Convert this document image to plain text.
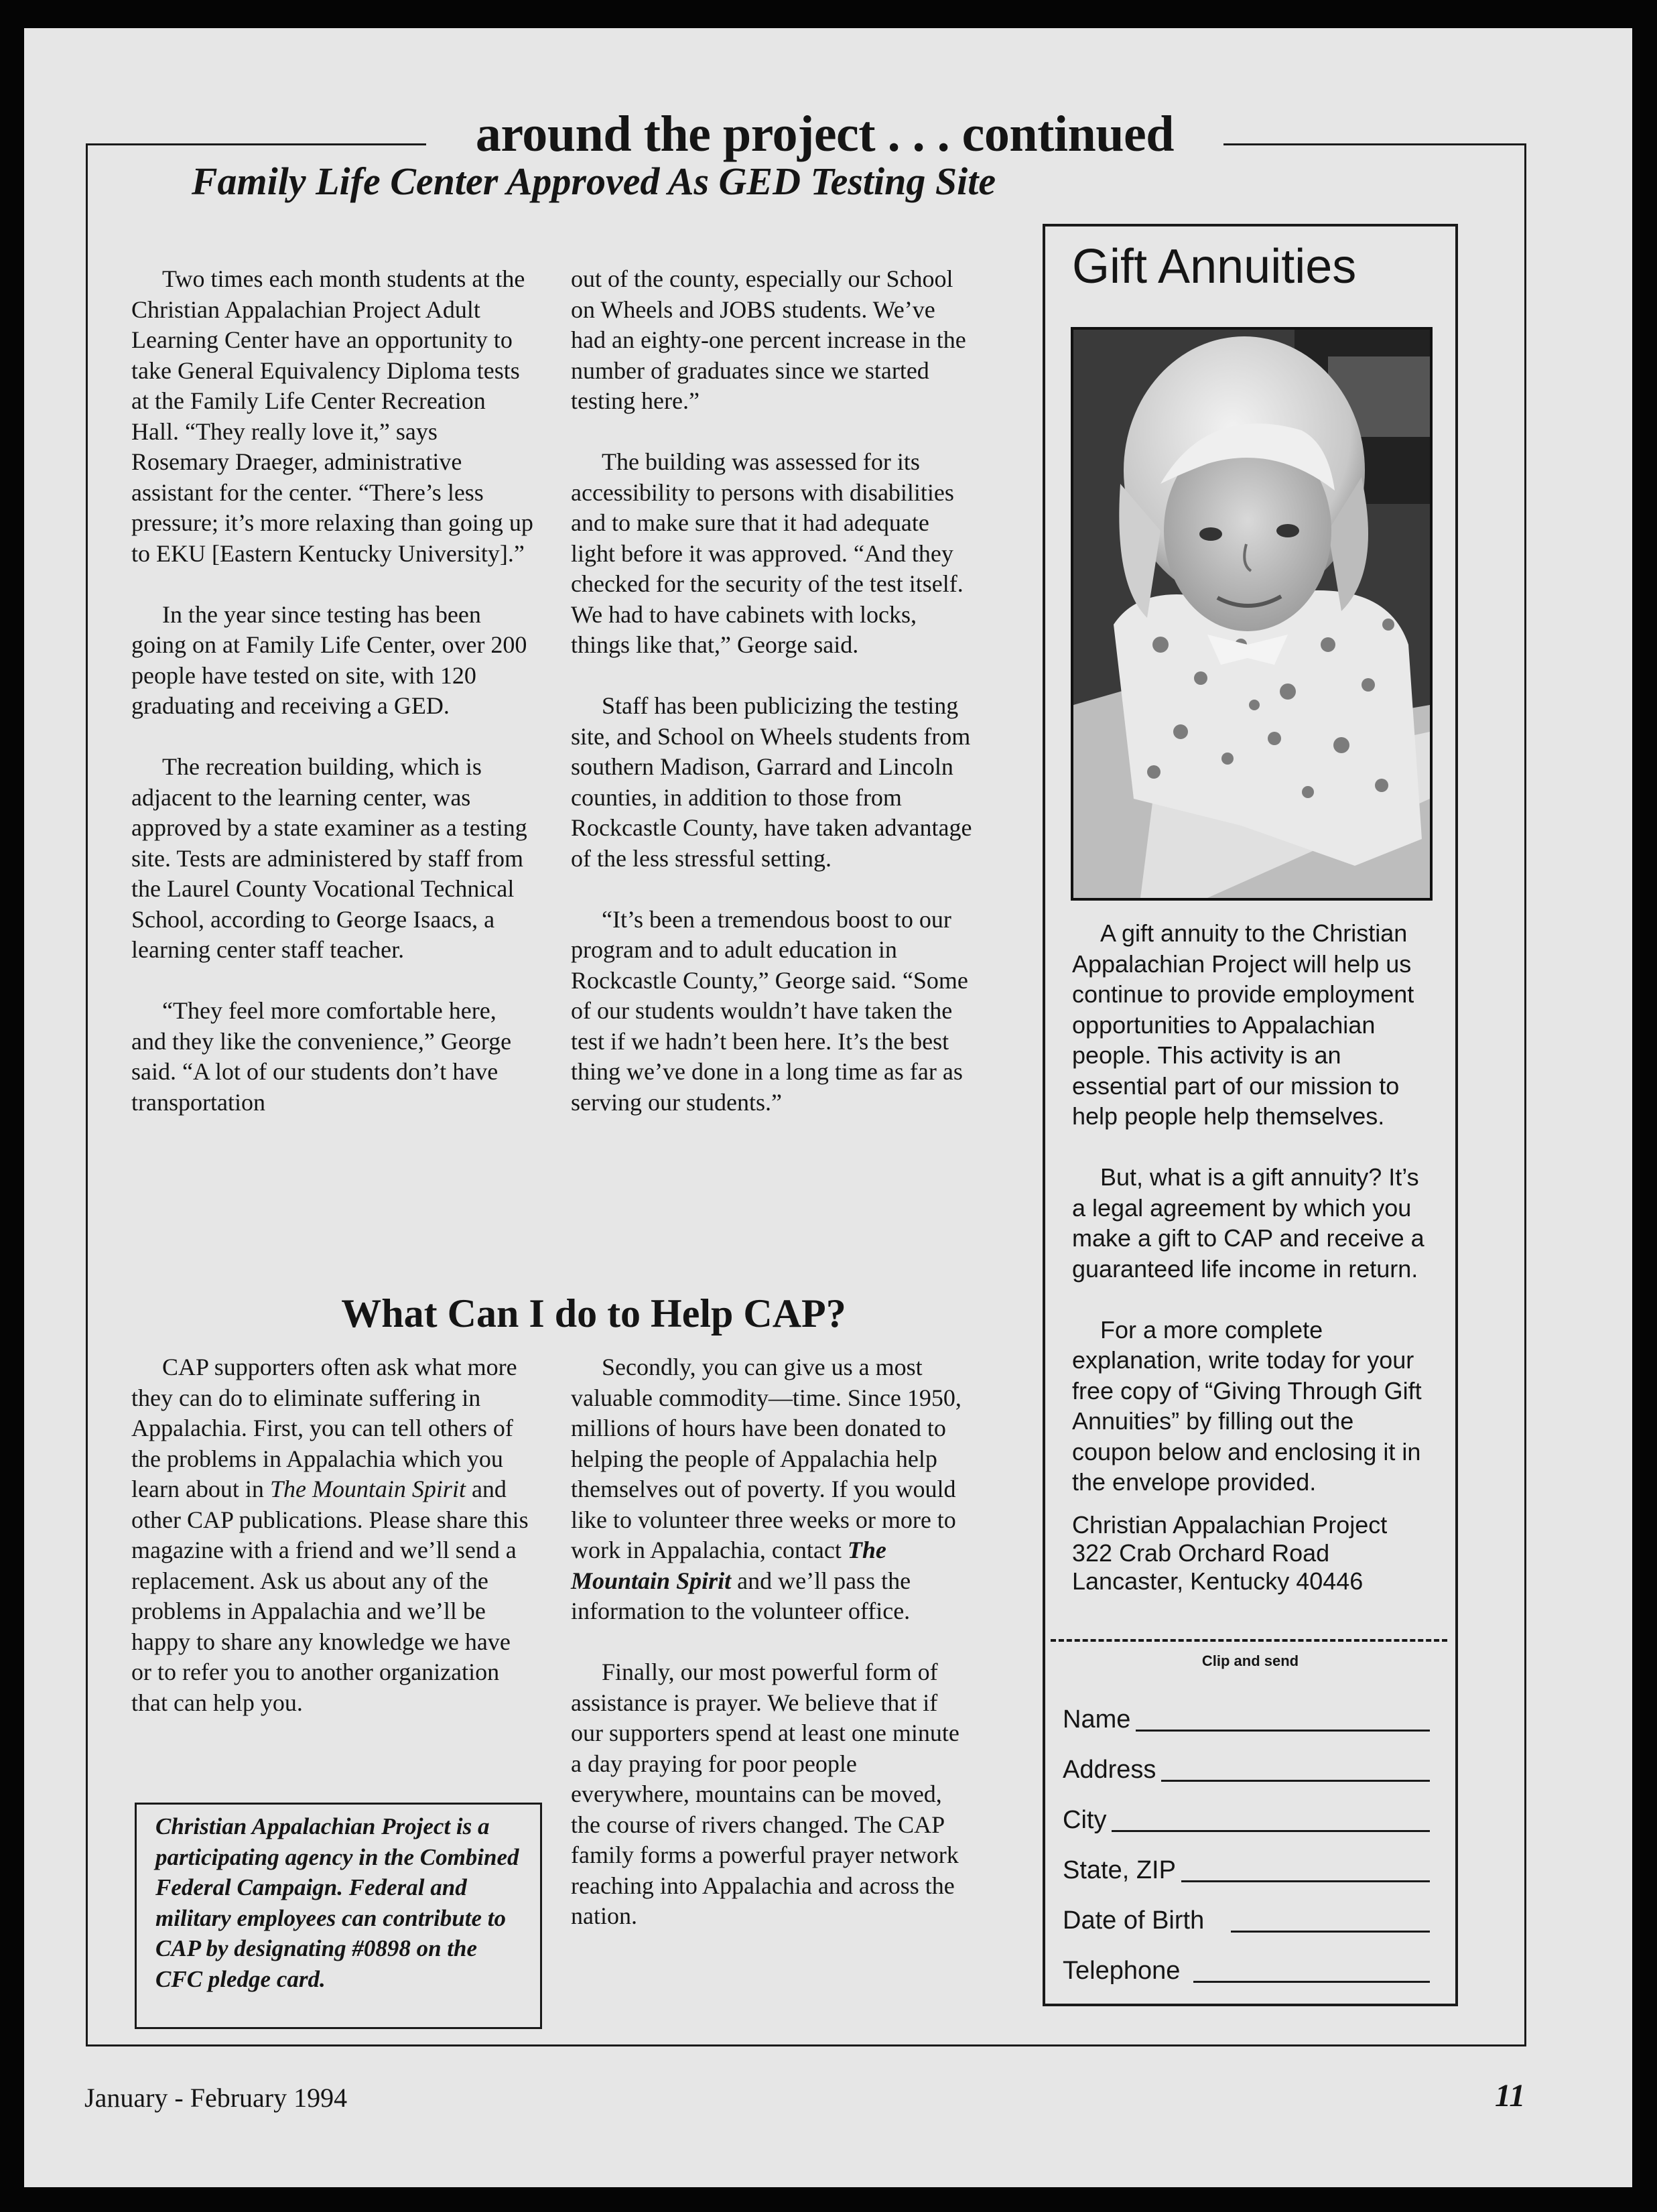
around the project . . . continued
Family Life Center Approved As GED Testing Site

Two times each month students at the Christian Appalachian Project Adult Learning Center have an opportunity to take General Equivalency Diploma tests at the Family Life Center Recreation Hall. “They really love it,” says Rosemary Draeger, administrative assistant for the center. “There’s less pressure; it’s more relaxing than going up to EKU [Eastern Kentucky University].”

In the year since testing has been going on at Family Life Center, over 200 people have tested on site, with 120 graduating and receiving a GED.

The recreation building, which is adjacent to the learning center, was approved by a state examiner as a testing site. Tests are administered by staff from the Laurel County Vocational Technical School, according to George Isaacs, a learning center staff teacher.

“They feel more comfortable here, and they like the convenience,” George said. “A lot of our students don’t have transportation

out of the county, especially our School on Wheels and JOBS students. We’ve had an eighty-one percent increase in the number of graduates since we started testing here.”

The building was assessed for its accessibility to persons with disabilities and to make sure that it had adequate light before it was approved. “And they checked for the security of the test itself. We had to have cabinets with locks, things like that,” George said.

Staff has been publicizing the testing site, and School on Wheels students from southern Madison, Garrard and Lincoln counties, in addition to those from Rockcastle County, have taken advantage of the less stressful setting.

“It’s been a tremendous boost to our program and to adult education in Rockcastle County,” George said. “Some of our students wouldn’t have taken the test if we hadn’t been here. It’s the best thing we’ve done in a long time as far as serving our students.”

What Can I do to Help CAP?

CAP supporters often ask what more they can do to eliminate suffering in Appalachia. First, you can tell others of the problems in Appalachia which you learn about in The Mountain Spirit and other CAP publications. Please share this magazine with a friend and we’ll send a replacement. Ask us about any of the problems in Appalachia and we’ll be happy to share any knowledge we have or to refer you to another organization that can help you.

Christian Appalachian Project is a participating agency in the Combined Federal Campaign. Federal and military employees can contribute to CAP by designating #0898 on the CFC pledge card.

Secondly, you can give us a most valuable commodity—time. Since 1950, millions of hours have been donated to helping the people of Appalachia help themselves out of poverty. If you would like to volunteer three weeks or more to work in Appalachia, contact The Mountain Spirit and we’ll pass the information to the volunteer office.

Finally, our most powerful form of assistance is prayer. We believe that if our supporters spend at least one minute a day praying for poor people everywhere, mountains can be moved, the course of rivers changed. The CAP family forms a powerful prayer network reaching into Appalachia and across the nation.

Gift Annuities

A gift annuity to the Christian Appalachian Project will help us continue to provide employment opportunities to Appalachian people. This activity is an essential part of our mission to help people help themselves.

But, what is a gift annuity? It’s a legal agreement by which you make a gift to CAP and receive a guaranteed life income in return.

For a more complete explanation, write today for your free copy of “Giving Through Gift Annuities” by filling out the coupon below and enclosing it in the envelope provided.

Christian Appalachian Project

322 Crab Orchard Road

Lancaster, Kentucky 40446

Clip and send
Name
Address
City
State, ZIP
Date of Birth
Telephone

January - February 1994	11
